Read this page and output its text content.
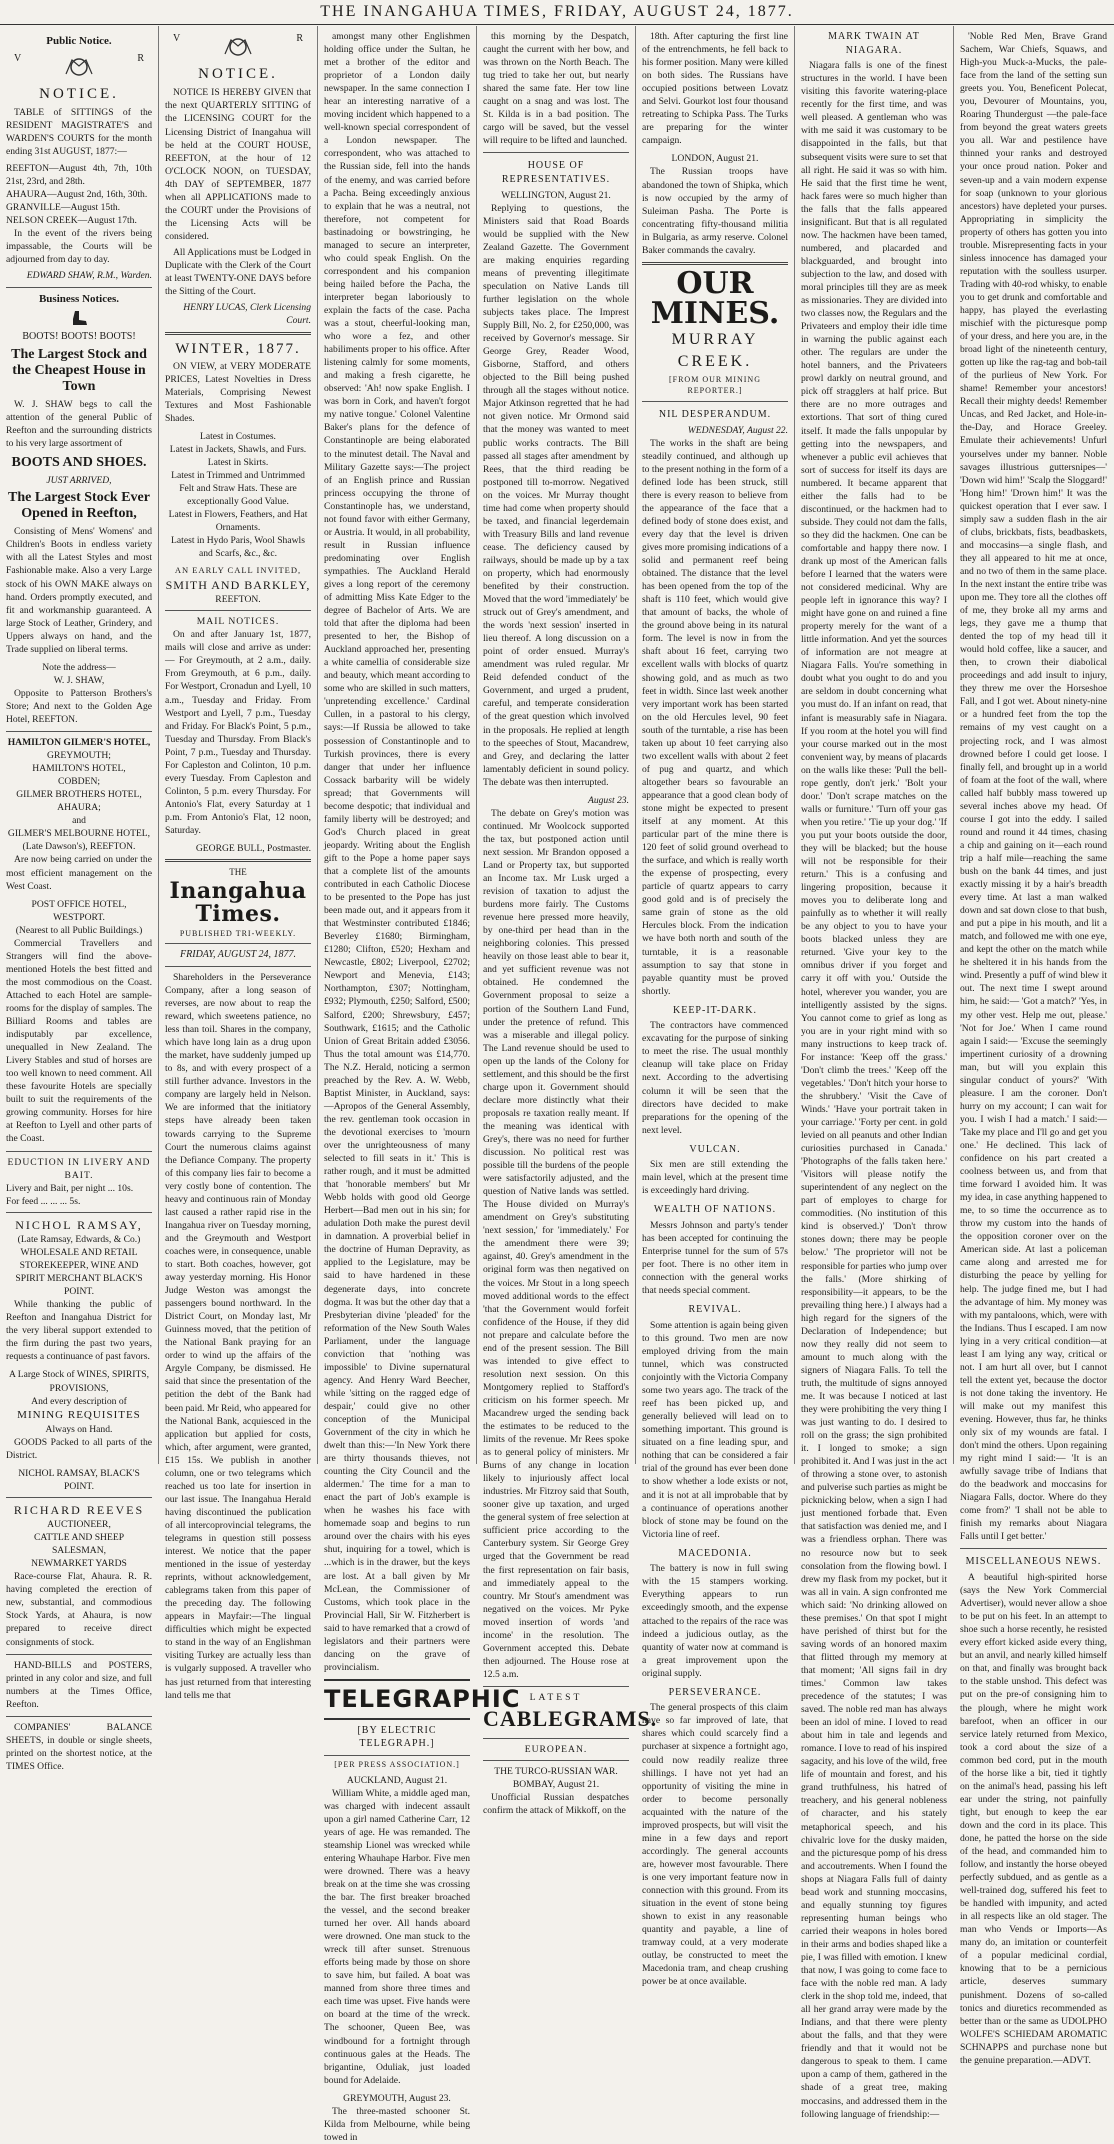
THE INANGAHUA TIMES, FRIDAY, AUGUST 24, 1877.
Public Notice.
V	R
NOTICE.

TABLE of SITTINGS of the RESIDENT MAGISTRATE'S and WARDEN'S COURTS for the month ending 31st AUGUST, 1877:—

REEFTON—August 4th, 7th, 10th 21st, 23rd, and 28th.
AHAURA—August 2nd, 16th, 30th.
GRANVILLE—August 15th.
NELSON CREEK—August 17th.

In the event of the rivers being impassable, the Courts will be adjourned from day to day.

EDWARD SHAW, R.M., Warden.
Business Notices.
BOOTS! BOOTS! BOOTS!
The Largest Stock and the Cheapest House in Town

W. J. SHAW begs to call the attention of the general Public of Reefton and the surrounding districts to his very large assortment of

BOOTS AND SHOES.
JUST ARRIVED,
The Largest Stock Ever Opened in Reefton,

Consisting of Mens' Womens' and Children's Boots in endless variety with all the Latest Styles and most Fashionable make. Also a very Large stock of his OWN MAKE always on hand. Orders promptly executed, and fit and workmanship guaranteed. A large Stock of Leather, Grindery, and Uppers always on hand, and the Trade supplied on liberal terms.

Note the address—
W. J. SHAW,

Opposite to Patterson Brothers's Store; And next to the Golden Age Hotel, REEFTON.

HAMILTON GILMER'S HOTEL,
GREYMOUTH;
HAMILTON'S HOTEL,
COBDEN;
GILMER BROTHERS HOTEL,
AHAURA;
and
GILMER'S MELBOURNE HOTEL, (Late Dawson's), REEFTON.

Are now being carried on under the most efficient management on the West Coast.

POST OFFICE HOTEL, WESTPORT.
(Nearest to all Public Buildings.)

Commercial Travellers and Strangers will find the above-mentioned Hotels the best fitted and the most commodious on the Coast. Attached to each Hotel are sample-rooms for the display of samples. The Billiard Rooms and tables are indisputably par excellence, unequalled in New Zealand. The Livery Stables and stud of horses are too well known to need comment. All these favourite Hotels are specially built to suit the requirements of the growing community. Horses for hire at Reefton to Lyell and other parts of the Coast.

EDUCTION IN LIVERY AND BAIT.
Livery and Bait, per night ... 10s.
For feed ... ... ... 5s.
NICHOL RAMSAY,
(Late Ramsay, Edwards, & Co.)
WHOLESALE AND RETAIL STOREKEEPER, WINE AND SPIRIT MERCHANT BLACK'S POINT.

While thanking the public of Reefton and Inangahua District for the very liberal support extended to the firm during the past two years, requests a continuance of past favors.

A Large Stock of WINES, SPIRITS, PROVISIONS,
And every description of
MINING REQUISITES
Always on Hand.

GOODS Packed to all parts of the District.

NICHOL RAMSAY, BLACK'S POINT.
RICHARD REEVES
AUCTIONEER,
CATTLE AND SHEEP SALESMAN,
NEWMARKET YARDS

Race-course Flat, Ahaura. R. R. having completed the erection of new, substantial, and commodious Stock Yards, at Ahaura, is now prepared to receive direct consignments of stock.

HAND-BILLS and POSTERS, printed in any color and size, and full numbers at the Times Office, Reefton.

COMPANIES' BALANCE SHEETS, in double or single sheets, printed on the shortest notice, at the TIMES Office.

V	R
NOTICE.

NOTICE IS HEREBY GIVEN that the next QUARTERLY SITTING of the LICENSING COURT for the Licensing District of Inangahua will be held at the COURT HOUSE, REEFTON, at the hour of 12 O'CLOCK NOON, on TUESDAY, 4th DAY of SEPTEMBER, 1877 when all APPLICATIONS made to the COURT under the Provisions of the Licensing Acts will be considered.

All Applications must be Lodged in Duplicate with the Clerk of the Court at least TWENTY-ONE DAYS before the Sitting of the Court.

HENRY LUCAS, Clerk Licensing Court.
WINTER, 1877.

ON VIEW, at VERY MODERATE PRICES, Latest Novelties in Dress Materials, Comprising Newest Textures and Most Fashionable Shades.

Latest in Costumes.
Latest in Jackets, Shawls, and Furs.
Latest in Skirts.
Latest in Trimmed and Untrimmed Felt and Straw Hats. These are exceptionally Good Value.
Latest in Flowers, Feathers, and Hat Ornaments.
Latest in Hydo Paris, Wool Shawls and Scarfs, &c., &c.
AN EARLY CALL INVITED,
SMITH AND BARKLEY,
REEFTON.
MAIL NOTICES.

On and after January 1st, 1877, mails will close and arrive as under:— For Greymouth, at 2 a.m., daily. From Greymouth, at 6 p.m., daily. For Westport, Cronadun and Lyell, 10 a.m., Tuesday and Friday. From Westport and Lyell, 7 p.m., Tuesday and Friday. For Black's Point, 5 p.m., Tuesday and Thursday. From Black's Point, 7 p.m., Tuesday and Thursday. For Capleston and Colinton, 10 p.m. every Tuesday. From Capleston and Colinton, 5 p.m. every Thursday. For Antonio's Flat, every Saturday at 1 p.m. From Antonio's Flat, 12 noon, Saturday.

GEORGE BULL, Postmaster.
THE
Inangahua Times.
PUBLISHED TRI-WEEKLY.
FRIDAY, AUGUST 24, 1877.

Shareholders in the Perseverance Company, after a long season of reverses, are now about to reap the reward, which sweetens patience, no less than toil. Shares in the company, which have long lain as a drug upon the market, have suddenly jumped up to 8s, and with every prospect of a still further advance. Investors in the company are largely held in Nelson. We are informed that the initiatory steps have already been taken towards carrying to the Supreme Court the numerous claims against the Defiance Company. The property of this company lies fair to become a very costly bone of contention. The heavy and continuous rain of Monday last caused a rather rapid rise in the Inangahua river on Tuesday morning, and the Greymouth and Westport coaches were, in consequence, unable to start. Both coaches, however, got away yesterday morning. His Honor Judge Weston was amongst the passengers bound northward. In the District Court, on Monday last, Mr Guinness moved, that the petition of the National Bank praying for an order to wind up the affairs of the Argyle Company, be dismissed. He said that since the presentation of the petition the debt of the Bank had been paid. Mr Reid, who appeared for the National Bank, acquiesced in the application but applied for costs, which, after argument, were granted, £15 15s. We publish in another column, one or two telegrams which reached us too late for insertion in our last issue. The Inangahua Herald having discontinued the publication of all intercoprovincial telegrams, the telegrams in question still possess interest. We notice that the paper mentioned in the issue of yesterday reprints, without acknowledgement, cablegrams taken from this paper of the preceding day. The following appears in Mayfair:—The lingual difficulties which might be expected to stand in the way of an Englishman visiting Turkey are actually less than is vulgarly supposed. A traveller who has just returned from that interesting land tells me that

amongst many other Englishmen holding office under the Sultan, he met a brother of the editor and proprietor of a London daily newspaper. In the same connection I hear an interesting narrative of a moving incident which happened to a well-known special correspondent of a London newspaper. The correspondent, who was attached to the Russian side, fell into the hands of the enemy, and was carried before a Pacha. Being exceedingly anxious to explain that he was a neutral, not therefore, not competent for bastinadoing or bowstringing, he managed to secure an interpreter, who could speak English. On the correspondent and his companion being hailed before the Pacha, the interpreter began laboriously to explain the facts of the case. Pacha was a stout, cheerful-looking man, who wore a fez, and other habiliments proper to his office. After listening calmly for some moments, and making a fresh cigarette, he observed: 'Ah! now spake English. I was born in Cork, and haven't forgot my native tongue.' Colonel Valentine Baker's plans for the defence of Constantinople are being elaborated to the minutest detail. The Naval and Military Gazette says:—The project of an English prince and Russian princess occupying the throne of Constantinople has, we understand, not found favor with either Germany, or Austria. It would, in all probability, result in Russian influence predominating over English sympathies. The Auckland Herald gives a long report of the ceremony of admitting Miss Kate Edger to the degree of Bachelor of Arts. We are told that after the diploma had been presented to her, the Bishop of Auckland approached her, presenting a white camellia of considerable size and beauty, which meant according to some who are skilled in such matters, 'unpretending excellence.' Cardinal Cullen, in a pastoral to his clergy, says:—If Russia be allowed to take possession of Constantinople and to Turkish provinces, there is every danger that under her influence Cossack barbarity will be widely spread; that Governments will become despotic; that individual and family liberty will be destroyed; and God's Church placed in great jeopardy. Writing about the English gift to the Pope a home paper says that a complete list of the amounts contributed in each Catholic Diocese to be presented to the Pope has just been made out, and it appears from it that Westminster contributed £1846; Beverley £1680; Birmingham, £1280; Clifton, £520; Hexham and Newcastle, £802; Liverpool, £2702; Newport and Menevia, £143; Northampton, £307; Nottingham, £932; Plymouth, £250; Salford, £500; Salford, £200; Shrewsbury, £457; Southwark, £1615; and the Catholic Union of Great Britain added £3056. Thus the total amount was £14,770. The N.Z. Herald, noticing a sermon preached by the Rev. A. W. Webb, Baptist Minister, in Auckland, says:—Apropos of the General Assembly, the rev. gentleman took occasion in the devotional exercises to 'mourn over the unrighteousness of many selected to fill seats in it.' This is rather rough, and it must be admitted that 'honorable members' but Mr Webb holds with good old George Herbert—Bad men out in his sin; for adulation Doth make the purest devil in damnation. A proverbial belief in the doctrine of Human Depravity, as applied to the Legislature, may be said to have hardened in these degenerate days, into concrete dogma. It was but the other day that a Presbyterian divine 'pleaded' for the reformation of the New South Wales Parliament, under the language conviction that 'nothing was impossible' to Divine supernatural agency. And Henry Ward Beecher, while 'sitting on the ragged edge of despair,' could give no other conception of the Municipal Government of the city in which he dwelt than this:—'In New York there are thirty thousands thieves, not counting the City Council and the aldermen.' The time for a man to enact the part of Job's example is when he washes his face with homemade soap and begins to run around over the chairs with his eyes shut, inquiring for a towel, which is ...which is in the drawer, but the keys are lost. At a ball given by Mr McLean, the Commissioner of Customs, which took place in the Provincial Hall, Sir W. Fitzherbert is said to have remarked that a crowd of legislators and their partners were dancing on the grave of provincialism.

TELEGRAPHIC
[BY ELECTRIC TELEGRAPH.]
[PER PRESS ASSOCIATION.]
AUCKLAND, August 21.

William White, a middle aged man, was charged with indecent assault upon a girl named Catherine Carr, 12 years of age. He was remanded. The steamship Lionel was wrecked while entering Whauhape Harbor. Five men were drowned. There was a heavy break on at the time she was crossing the bar. The first breaker broached the vessel, and the second breaker turned her over. All hands aboard were drowned. One man stuck to the wreck till after sunset. Strenuous efforts being made by those on shore to save him, but failed. A boat was manned from shore three times and each time was upset. Five hands were on board at the time of the wreck. The schooner, Queen Bee, was windbound for a fortnight through continuous gales at the Heads. The brigantine, Oduliak, just loaded bound for Adelaide.

GREYMOUTH, August 23.

The three-masted schooner St. Kilda from Melbourne, while being towed in

this morning by the Despatch, caught the current with her bow, and was thrown on the North Beach. The tug tried to take her out, but nearly shared the same fate. Her tow line caught on a snag and was lost. The St. Kilda is in a bad position. The cargo will be saved, but the vessel will require to be lifted and launched.

HOUSE OF REPRESENTATIVES.
WELLINGTON, August 21.

Replying to questions, the Ministers said that Road Boards would be supplied with the New Zealand Gazette. The Government are making enquiries regarding means of preventing illegitimate speculation on Native Lands till further legislation on the whole subjects takes place. The Imprest Supply Bill, No. 2, for £250,000, was received by Governor's message. Sir George Grey, Reader Wood, Gisborne, Stafford, and others objected to the Bill being pushed through all the stages without notice. Major Atkinson regretted that he had not given notice. Mr Ormond said that the money was wanted to meet public works contracts. The Bill passed all stages after amendment by Rees, that the third reading be postponed till to-morrow. Negatived on the voices. Mr Murray thought time had come when property should be taxed, and financial legerdemain with Treasury Bills and land revenue cease. The deficiency caused by railways, should be made up by a tax on property, which had enormously benefited by their construction. Moved that the word 'immediately' be struck out of Grey's amendment, and the words 'next session' inserted in lieu thereof. A long discussion on a point of order ensued. Murray's amendment was ruled regular. Mr Reid defended conduct of the Government, and urged a prudent, careful, and temperate consideration of the great question which involved in the proposals. He replied at length to the speeches of Stout, Macandrew, and Grey, and declaring the latter lamentably deficient in sound policy. The debate was then interrupted.

August 23.

The debate on Grey's motion was continued. Mr Woolcock supported the tax, but postponed action until next session. Mr Brandon opposed a Land or Property tax, but supported an Income tax. Mr Lusk urged a revision of taxation to adjust the burdens more fairly. The Customs revenue here pressed more heavily, by one-third per head than in the neighboring colonies. This pressed heavily on those least able to bear it, and yet sufficient revenue was not obtained. He condemned the Government proposal to seize a portion of the Southern Land Fund, under the pretence of refund. This was a miserable and illegal policy. The Land revenue should be used to open up the lands of the Colony for settlement, and this should be the first charge upon it. Government should declare more distinctly what their proposals re taxation really meant. If the meaning was identical with Grey's, there was no need for further discussion. No political rest was possible till the burdens of the people were satisfactorily adjusted, and the question of Native lands was settled. The House divided on Murray's amendment on Grey's substituting 'next session,' for 'immediately.' For the amendment there were 39; against, 40. Grey's amendment in the original form was then negatived on the voices. Mr Stout in a long speech moved additional words to the effect 'that the Government would forfeit confidence of the House, if they did not prepare and calculate before the end of the present session. The Bill was intended to give effect to resolution next session. On this Montgomery replied to Stafford's criticism on his former speech. Mr Macandrew urged the sending back the estimates to be reduced to the limits of the revenue. Mr Rees spoke as to general policy of ministers. Mr Burns of any change in location likely to injuriously affect local industries. Mr Fitzroy said that South, sooner give up taxation, and urged the general system of free selection at sufficient price according to the Canterbury system. Sir George Grey urged that the Government be read the first representation on fair basis, and immediately appeal to the country. Mr Stout's amendment was negatived on the voices. Mr Pyke moved insertion of words 'and income' in the resolution. The Government accepted this. Debate then adjourned. The House rose at 12.5 a.m.

LATEST
CABLEGRAMS.
EUROPEAN.
THE TURCO-RUSSIAN WAR.
BOMBAY, August 21.

Unofficial Russian despatches confirm the attack of Mikkoff, on the

18th. After capturing the first line of the entrenchments, he fell back to his former position. Many were killed on both sides. The Russians have occupied positions between Lovatz and Selvi. Gourkot lost four thousand retreating to Schipka Pass. The Turks are preparing for the winter campaign.

LONDON, August 21.

The Russian troops have abandoned the town of Shipka, which is now occupied by the army of Suleiman Pasha. The Porte is concentrating fifty-thousand militia in Bulgaria, as army reserve. Colonel Baker commands the cavalry.

OUR MINES.
MURRAY CREEK.
[FROM OUR MINING REPORTER.]
NIL DESPERANDUM.
WEDNESDAY, August 22.

The works in the shaft are being steadily continued, and although up to the present nothing in the form of a defined lode has been struck, still there is every reason to believe from the appearance of the face that a defined body of stone does exist, and every day that the level is driven gives more promising indications of a solid and permanent reef being obtained. The distance that the level has been opened from the top of the shaft is 110 feet, which would give that amount of backs, the whole of the ground above being in its natural form. The level is now in from the shaft about 16 feet, carrying two excellent walls with blocks of quartz showing gold, and as much as two feet in width. Since last week another very important work has been started on the old Hercules level, 90 feet south of the turntable, a rise has been taken up about 10 feet carrying also two excellent walls with about 2 feet of pug and quartz, and which altogether bears so favourable an appearance that a good clean body of stone might be expected to present itself at any moment. At this particular part of the mine there is 120 feet of solid ground overhead to the surface, and which is really worth the expense of prospecting, every particle of quartz appears to carry good gold and is of precisely the same grain of stone as the old Hercules block. From the indication we have both north and south of the turntable, it is a reasonable assumption to say that stone in payable quantity must be proved shortly.

KEEP-IT-DARK.

The contractors have commenced excavating for the purpose of sinking to meet the rise. The usual monthly cleanup will take place on Friday next. According to the advertising column it will be seen that the directors have decided to make preparations for the opening of the next level.

VULCAN.

Six men are still extending the main level, which at the present time is exceedingly hard driving.

WEALTH OF NATIONS.

Messrs Johnson and party's tender has been accepted for continuing the Enterprise tunnel for the sum of 57s per foot. There is no other item in connection with the general works that needs special comment.

REVIVAL.

Some attention is again being given to this ground. Two men are now employed driving from the main tunnel, which was constructed conjointly with the Victoria Company some two years ago. The track of the reef has been picked up, and generally believed will lead on to something important. This ground is situated on a fine leading spur, and nothing that can be considered a fair trial of the ground has ever been done to show whether a lode exists or not, and it is not at all improbable that by a continuance of operations another block of stone may be found on the Victoria line of reef.

MACEDONIA.

The battery is now in full swing with the 15 stampers working. Everything appears to run exceedingly smooth, and the expense attached to the repairs of the race was indeed a judicious outlay, as the quantity of water now at command is a great improvement upon the original supply.

PERSEVERANCE.

The general prospects of this claim have so far improved of late, that shares which could scarcely find a purchaser at sixpence a fortnight ago, could now readily realize three shillings. I have not yet had an opportunity of visiting the mine in order to become personally acquainted with the nature of the improved prospects, but will visit the mine in a few days and report accordingly. The general accounts are, however most favourable. There is one very important feature now in connection with this ground. From its situation in the event of stone being shown to exist in any reasonable quantity and payable, a line of tramway could, at a very moderate outlay, be constructed to meet the Macedonia tram, and cheap crushing power be at once available.

MARK TWAIN AT NIAGARA.

Niagara falls is one of the finest structures in the world. I have been visiting this favorite watering-place recently for the first time, and was well pleased. A gentleman who was with me said it was customary to be disappointed in the falls, but that subsequent visits were sure to set that all right. He said it was so with him. He said that the first time he went, hack fares were so much higher than the falls that the falls appeared insignificant. But that is all regulated now. The hackmen have been tamed, numbered, and placarded and blackguarded, and brought into subjection to the law, and dosed with moral principles till they are as meek as missionaries. They are divided into two classes now, the Regulars and the Privateers and employ their idle time in warning the public against each other. The regulars are under the hotel banners, and the Privateers prowl darkly on neutral ground, and pick off stragglers at half price. But there are no more outrages and extortions. That sort of thing cured itself. It made the falls unpopular by getting into the newspapers, and whenever a public evil achieves that sort of success for itself its days are numbered. It became apparent that either the falls had to be discontinued, or the hackmen had to subside. They could not dam the falls, so they did the hackmen. One can be comfortable and happy there now. I drank up most of the American falls before I learned that the waters were not considered medicinal. Why are people left in ignorance this way? I might have gone on and ruined a fine property merely for the want of a little information. And yet the sources of information are not meagre at Niagara Falls. You're something in doubt what you ought to do and you are seldom in doubt concerning what you must do. If an infant on read, that infant is measurably safe in Niagara. If you room at the hotel you will find your course marked out in the most convenient way, by means of placards on the walls like these: 'Pull the bell-rope gently, don't jerk.' 'Bolt your door.' 'Don't scrape matches on the walls or furniture.' 'Turn off your gas when you retire.' 'Tie up your dog.' 'If you put your boots outside the door, they will be blacked; but the house will not be responsible for their return.' This is a confusing and lingering proposition, because it moves you to deliberate long and painfully as to whether it will really be any object to you to have your boots blacked unless they are returned. 'Give your key to the omnibus driver if you forget and carry it off with you.' Outside the hotel, wherever you wander, you are intelligently assisted by the signs. You cannot come to grief as long as you are in your right mind with so many instructions to keep track of. For instance: 'Keep off the grass.' 'Don't climb the trees.' 'Keep off the vegetables.' 'Don't hitch your horse to the shrubbery.' 'Visit the Cave of Winds.' 'Have your portrait taken in your carriage.' 'Forty per cent. in gold levied on all peanuts and other Indian curiosities purchased in Canada.' 'Photographs of the falls taken here.' 'Visitors will please notify the superintendent of any neglect on the part of employes to charge for commodities. (No institution of this kind is observed.)' 'Don't throw stones down; there may be people below.' 'The proprietor will not be responsible for parties who jump over the falls.' (More shirking of responsibility—it appears, to be the prevailing thing here.) I always had a high regard for the signers of the Declaration of Independence; but now they really did not seem to amount to much along with the signers of Niagara Falls. To tell the truth, the multitude of signs annoyed me. It was because I noticed at last they were prohibiting the very thing I was just wanting to do. I desired to roll on the grass; the sign prohibited it. I longed to smoke; a sign prohibited it. And I was just in the act of throwing a stone over, to astonish and pulverise such parties as might be picknicking below, when a sign I had just mentioned forbade that. Even that satisfaction was denied me, and I was a friendless orphan. There was no resource now but to seek consolation from the flowing bowl. I drew my flask from my pocket, but it was all in vain. A sign confronted me which said: 'No drinking allowed on these premises.' On that spot I might have perished of thirst but for the saving words of an honored maxim that flitted through my memory at that moment; 'All signs fail in dry times.' Common law takes precedence of the statutes; I was saved. The noble red man has always been an idol of mine. I loved to read about him in tale and legends and romance. I love to read of his inspired sagacity, and his love of the wild, free life of mountain and forest, and his grand truthfulness, his hatred of treachery, and his general nobleness of character, and his stately metaphorical speech, and his chivalric love for the dusky maiden, and the picturesque pomp of his dress and accoutrements. When I found the shops at Niagara Falls full of dainty bead work and stunning moccasins, and equally stunning toy figures representing human beings who carried their weapons in holes bored in their arms and bodies shaped like a pie, I was filled with emotion. I knew that now, I was going to come face to face with the noble red man. A lady clerk in the shop told me, indeed, that all her grand array were made by the Indians, and that there were plenty about the falls, and that they were friendly and that it would not be dangerous to speak to them. I came upon a camp of them, gathered in the shade of a great tree, making moccasins, and addressed them in the following language of friendship:—

'Noble Red Men, Brave Grand Sachem, War Chiefs, Squaws, and High-you Muck-a-Mucks, the pale-face from the land of the setting sun greets you. You, Beneficent Polecat, you, Devourer of Mountains, you, Roaring Thundergust —the pale-face from beyond the great waters greets you all. War and pestilence have thinned your ranks and destroyed your once proud nation. Poker and seven-up and a vain modern expense for soap (unknown to your glorious ancestors) have depleted your purses. Appropriating in simplicity the property of others has gotten you into trouble. Misrepresenting facts in your sinless innocence has damaged your reputation with the soulless usurper. Trading with 40-rod whisky, to enable you to get drunk and comfortable and happy, has played the everlasting mischief with the picturesque pomp of your dress, and here you are, in the broad light of the nineteenth century, gotten up like the rag-tag and bob-tail of the purlieus of New York. For shame! Remember your ancestors! Recall their mighty deeds! Remember Uncas, and Red Jacket, and Hole-in-the-Day, and Horace Greeley. Emulate their achievements! Unfurl yourselves under my banner. Noble savages illustrious guttersnipes—' 'Down wid him!' 'Scalp the Sloggard!' 'Hong him!' 'Drown him!' It was the quickest operation that I ever saw. I simply saw a sudden flash in the air of clubs, brickbats, fists, beadbaskets, and moccasins—a single flash, and they all appeared to hit me at once, and no two of them in the same place. In the next instant the entire tribe was upon me. They tore all the clothes off of me, they broke all my arms and legs, they gave me a thump that dented the top of my head till it would hold coffee, like a saucer, and then, to crown their diabolical proceedings and add insult to injury, they threw me over the Horseshoe Fall, and I got wet. About ninety-nine or a hundred feet from the top the remains of my vest caught on a projecting rock, and I was almost drowned before I could get loose. I finally fell, and brought up in a world of foam at the foot of the wall, where called half bubbly mass towered up several inches above my head. Of course I got into the eddy. I sailed round and round it 44 times, chasing a chip and gaining on it—each round trip a half mile—reaching the same bush on the bank 44 times, and just exactly missing it by a hair's breadth every time. At last a man walked down and sat down close to that bush, and put a pipe in his mouth, and lit a match, and followed me with one eye, and kept the other on the match while he sheltered it in his hands from the wind. Presently a puff of wind blew it out. The next time I swept around him, he said:— 'Got a match?' 'Yes, in my other vest. Help me out, please.' 'Not for Joe.' When I came round again I said:— 'Excuse the seemingly impertinent curiosity of a drowning man, but will you explain this singular conduct of yours?' 'With pleasure. I am the coroner. Don't hurry on my account; I can wait for you. I wish I had a match.' I said:— 'Take my place and I'll go and get you one.' He declined. This lack of confidence on his part created a coolness between us, and from that time forward I avoided him. It was my idea, in case anything happened to me, to so time the occurrence as to throw my custom into the hands of the opposition coroner over on the American side. At last a policeman came along and arrested me for disturbing the peace by yelling for help. The judge fined me, but I had the advantage of him. My money was with my pantaloons, which, were with the Indians. Thus I escaped. I am now lying in a very critical condition—at least I am lying any way, critical or not. I am hurt all over, but I cannot tell the extent yet, because the doctor is not done taking the inventory. He will make out my manifest this evening. However, thus far, he thinks only six of my wounds are fatal. I don't mind the others. Upon regaining my right mind I said:— 'It is an awfully savage tribe of Indians that do the beadwork and moccasins for Niagara Falls, doctor. Where do they come from?' 'I shall not be able to finish my remarks about Niagara Falls until I get better.'

MISCELLANEOUS NEWS.

A beautiful high-spirited horse (says the New York Commercial Advertiser), would never allow a shoe to be put on his feet. In an attempt to shoe such a horse recently, he resisted every effort kicked aside every thing, but an anvil, and nearly killed himself on that, and finally was brought back to the stable unshod. This defect was put on the pre-of consigning him to the plough, where he might work barefoot, when an officer in our service lately returned from Mexico, took a cord about the size of a common bed cord, put in the mouth of the horse like a bit, tied it tightly on the animal's head, passing his left ear under the string, not painfully tight, but enough to keep the ear down and the cord in its place. This done, he patted the horse on the side of the head, and commanded him to follow, and instantly the horse obeyed perfectly subdued, and as gentle as a well-trained dog, suffered his feet to be handled with impunity, and acted in all respects like an old stager. The man who Vends or Imports—As many do, an imitation or counterfeit of a popular medicinal cordial, knowing that to be a pernicious article, deserves summary punishment. Dozens of so-called tonics and diuretics recommended as better than or the same as UDOLPHO WOLFE'S SCHIEDAM AROMATIC SCHNAPPS and purchase none but the genuine preparation.—ADVT.
